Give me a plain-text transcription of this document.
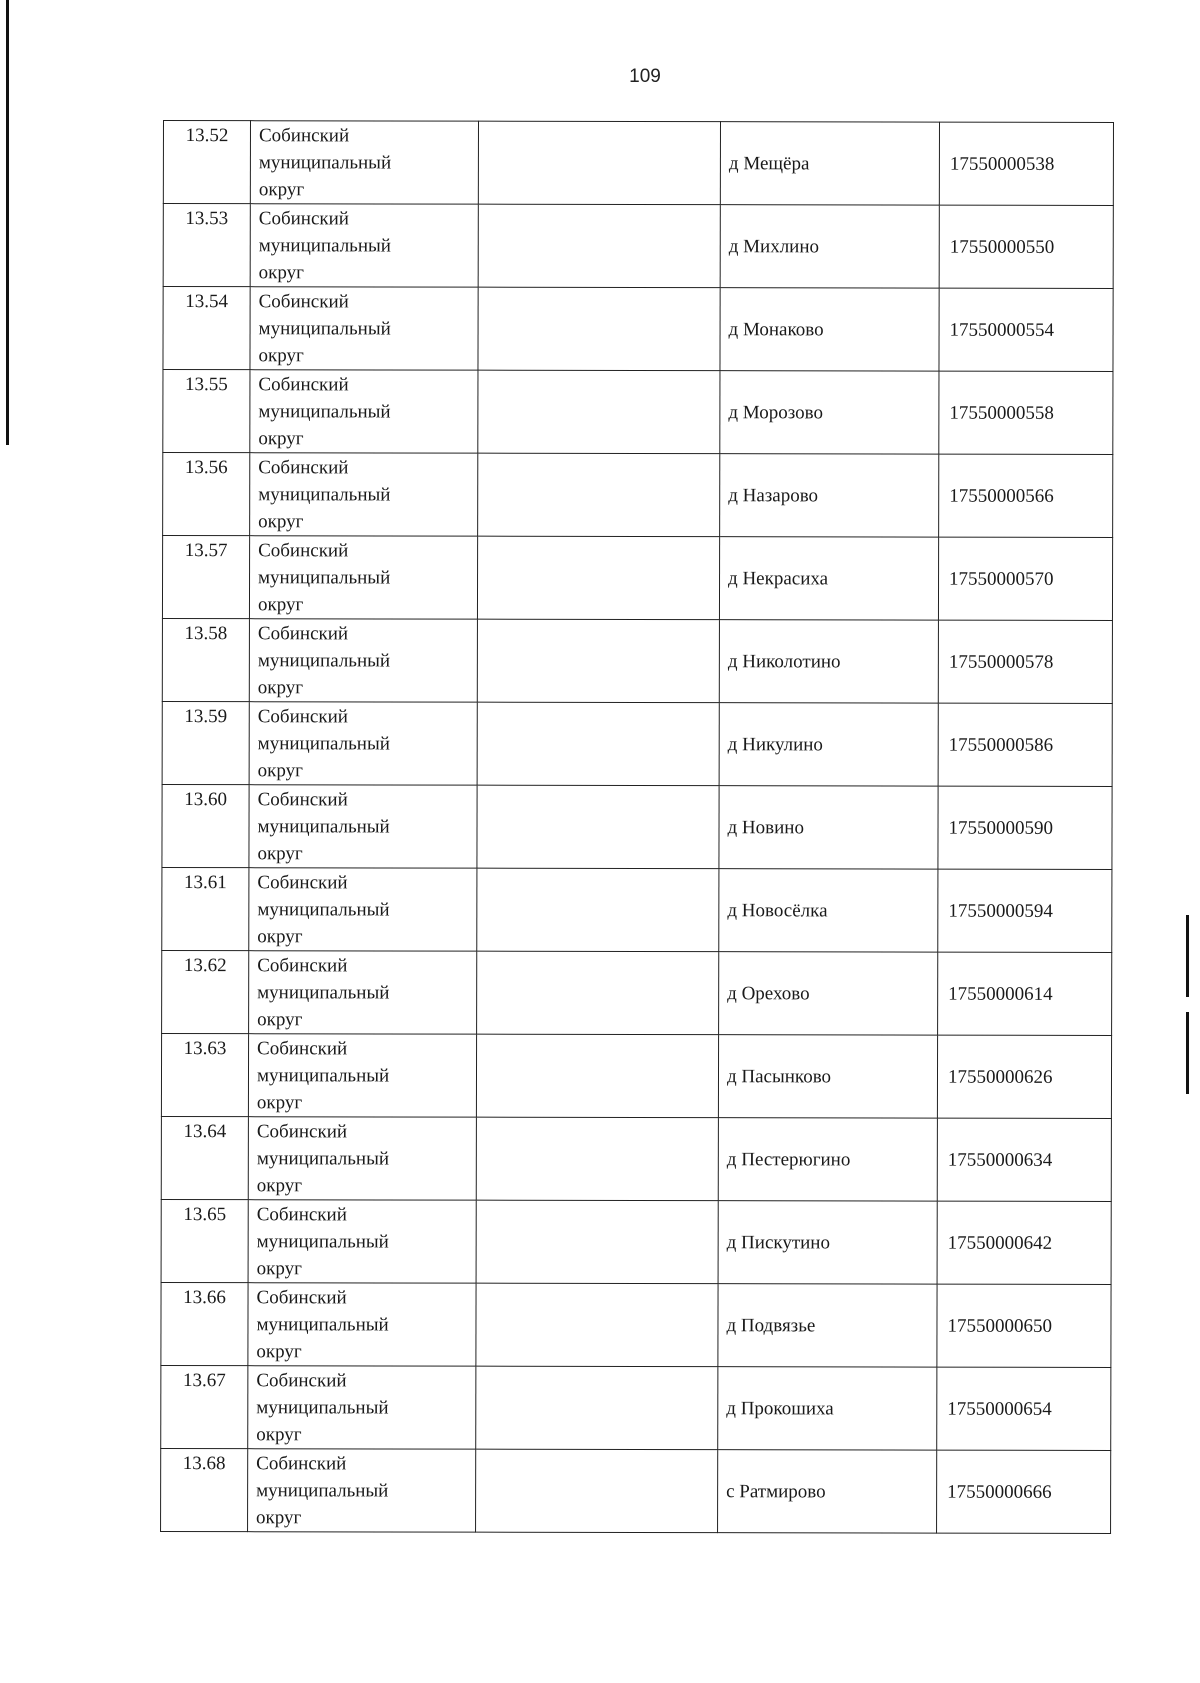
109
13.52	Собинский
муниципальный
округ		д Мещёра	17550000538
13.53	Собинский
муниципальный
округ		д Михлино	17550000550
13.54	Собинский
муниципальный
округ		д Монаково	17550000554
13.55	Собинский
муниципальный
округ		д Морозово	17550000558
13.56	Собинский
муниципальный
округ		д Назарово	17550000566
13.57	Собинский
муниципальный
округ		д Некрасиха	17550000570
13.58	Собинский
муниципальный
округ		д Николотино	17550000578
13.59	Собинский
муниципальный
округ		д Никулино	17550000586
13.60	Собинский
муниципальный
округ		д Новино	17550000590
13.61	Собинский
муниципальный
округ		д Новосёлка	17550000594
13.62	Собинский
муниципальный
округ		д Орехово	17550000614
13.63	Собинский
муниципальный
округ		д Пасынково	17550000626
13.64	Собинский
муниципальный
округ		д Пестерюгино	17550000634
13.65	Собинский
муниципальный
округ		д Пискутино	17550000642
13.66	Собинский
муниципальный
округ		д Подвязье	17550000650
13.67	Собинский
муниципальный
округ		д Прокошиха	17550000654
13.68	Собинский
муниципальный
округ		с Ратмирово	17550000666
